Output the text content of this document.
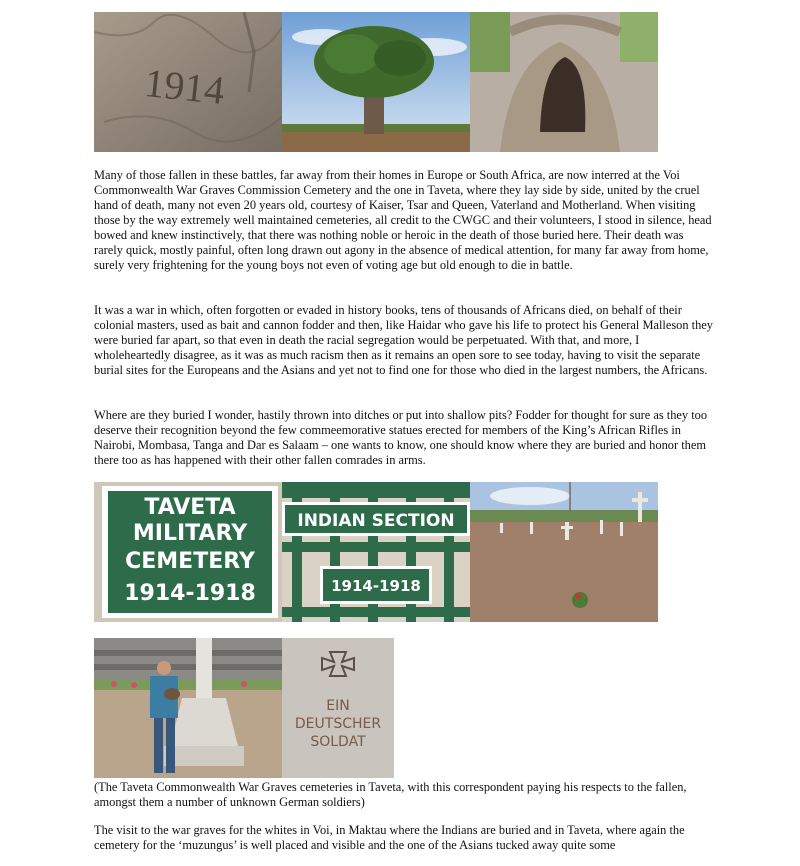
1914

Many of those fallen in these battles, far away from their homes in Europe or South Africa, are now interred at the Voi Commonwealth War Graves Commission Cemetery and the one in Taveta, where they lay side by side, united by the cruel hand of death, many not even 20 years old, courtesy of Kaiser, Tsar and Queen, Vaterland and Motherland. When visiting those by the way extremely well maintained cemeteries, all credit to the CWGC and their volunteers, I stood in silence, head bowed and knew instinctively, that there was nothing noble or heroic in the death of those buried here. Their death was rarely quick, mostly painful, often long drawn out agony in the absence of medical attention, for many far away from home, surely very frightening for the young boys not even of voting age but old enough to die in battle.

It was a war in which, often forgotten or evaded in history books, tens of thousands of Africans died, on behalf of their colonial masters, used as bait and cannon fodder and then, like Haidar who gave his life to protect his General Malleson they were buried far apart, so that even in death the racial segregation would be perpetuated. With that, and more, I wholeheartedly disagree, as it was as much racism then as it remains an open sore to see today, having to visit the separate burial sites for the Europeans and the Asians and yet not to find one for those who died in the largest numbers, the Africans.

Where are they buried I wonder, hastily thrown into ditches or put into shallow pits? Fodder for thought for sure as they too deserve their recognition beyond the few commeemorative statues erected for members of the King’s African Rifles in Nairobi, Mombasa, Tanga and Dar es Salaam – one wants to know, one should know where they are buried and honor them there too as has happened with their other fallen comrades in arms.

TAVETA
MILITARY
CEMETERY
1914-1918
INDIAN SECTION
1914-1918
EIN
DEUTSCHER
SOLDAT

(The Taveta Commonwealth War Graves cemeteries in Taveta, with this correspondent paying his respects to the fallen, amongst them a number of unknown German soldiers)

The visit to the war graves for the whites in Voi, in Maktau where the Indians are buried and in Taveta, where again the cemetery for the ‘muzungus’ is well placed and visible and the one of the Asians tucked away quite some
